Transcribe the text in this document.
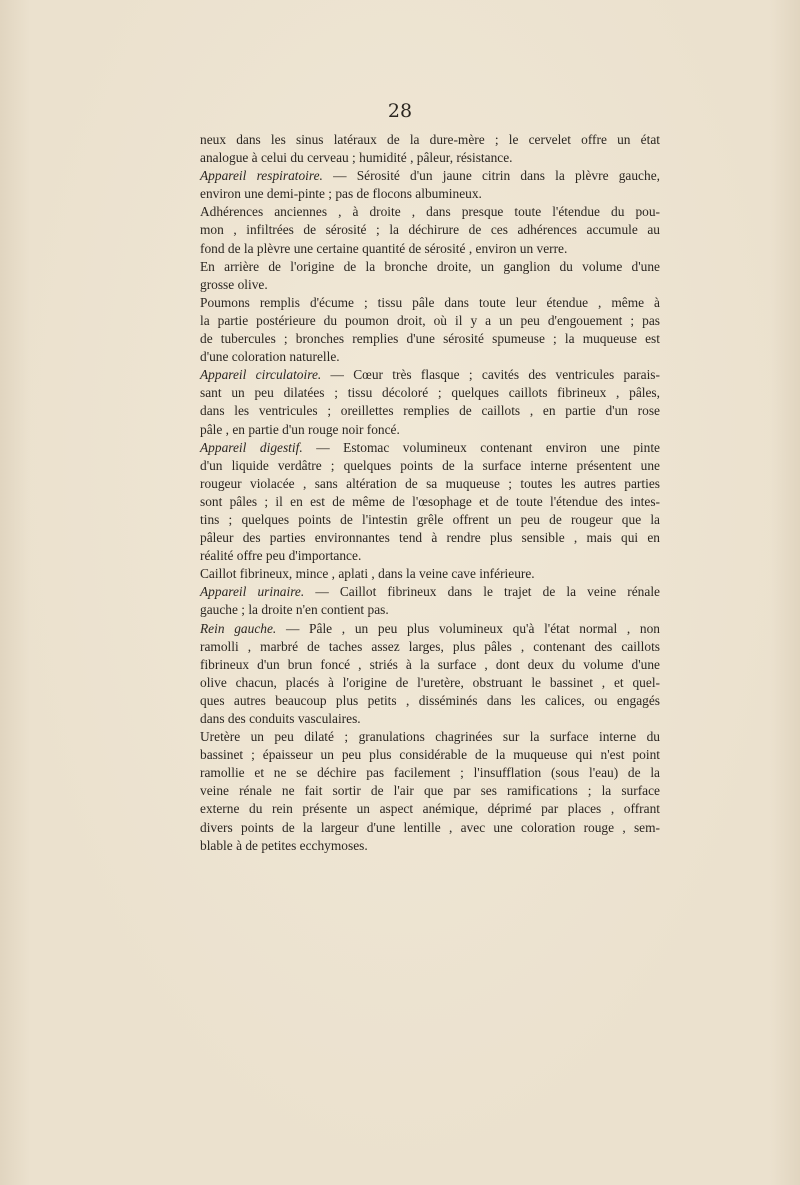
28

neux dans les sinus latéraux de la dure-mère ; le cervelet offre un état
analogue à celui du cerveau ; humidité , pâleur, résistance.

Appareil respiratoire. — Sérosité d'un jaune citrin dans la plèvre gauche,
environ une demi-pinte ; pas de flocons albumineux.

Adhérences anciennes , à droite , dans presque toute l'étendue du pou-
mon , infiltrées de sérosité ; la déchirure de ces adhérences accumule au
fond de la plèvre une certaine quantité de sérosité , environ un verre.

En arrière de l'origine de la bronche droite, un ganglion du volume d'une
grosse olive.

Poumons remplis d'écume ; tissu pâle dans toute leur étendue , même à
la partie postérieure du poumon droit, où il y a un peu d'engouement ; pas
de tubercules ; bronches remplies d'une sérosité spumeuse ; la muqueuse est
d'une coloration naturelle.

Appareil circulatoire. — Cœur très flasque ; cavités des ventricules parais-
sant un peu dilatées ; tissu décoloré ; quelques caillots fibrineux , pâles,
dans les ventricules ; oreillettes remplies de caillots , en partie d'un rose
pâle , en partie d'un rouge noir foncé.

Appareil digestif. — Estomac volumineux contenant environ une pinte
d'un liquide verdâtre ; quelques points de la surface interne présentent une
rougeur violacée , sans altération de sa muqueuse ; toutes les autres parties
sont pâles ; il en est de même de l'œsophage et de toute l'étendue des intes-
tins ; quelques points de l'intestin grêle offrent un peu de rougeur que la
pâleur des parties environnantes tend à rendre plus sensible , mais qui en
réalité offre peu d'importance.

Caillot fibrineux, mince , aplati , dans la veine cave inférieure.

Appareil urinaire. — Caillot fibrineux dans le trajet de la veine rénale
gauche ; la droite n'en contient pas.

Rein gauche. — Pâle , un peu plus volumineux qu'à l'état normal , non
ramolli , marbré de taches assez larges, plus pâles , contenant des caillots
fibrineux d'un brun foncé , striés à la surface , dont deux du volume d'une
olive chacun, placés à l'origine de l'uretère, obstruant le bassinet , et quel-
ques autres beaucoup plus petits , disséminés dans les calices, ou engagés
dans des conduits vasculaires.

Uretère un peu dilaté ; granulations chagrinées sur la surface interne du
bassinet ; épaisseur un peu plus considérable de la muqueuse qui n'est point
ramollie et ne se déchire pas facilement ; l'insufflation (sous l'eau) de la
veine rénale ne fait sortir de l'air que par ses ramifications ; la surface
externe du rein présente un aspect anémique, déprimé par places , offrant
divers points de la largeur d'une lentille , avec une coloration rouge , sem-
blable à de petites ecchymoses.
